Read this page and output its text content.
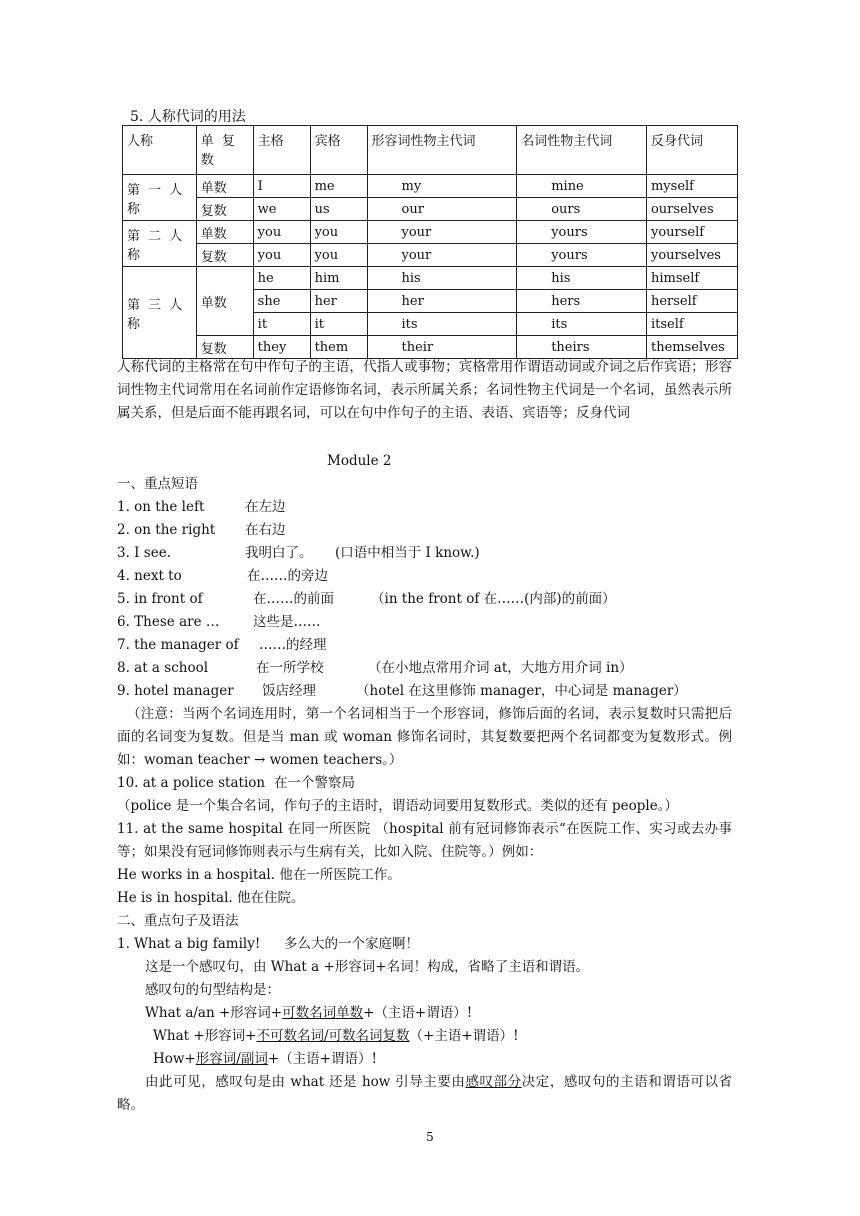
5. 人称代词的用法
人称	单 复 数	主格	宾格	形容词性物主代词	名词性物主代词	反身代词
第 一 人称	单数	I	me	my	mine	myself
	复数	we	us	our	ours	ourselves
第 二 人称	单数	you	you	your	yours	yourself
	复数	you	you	your	yours	yourselves
第 三 人称	单数	he	him	his	his	himself
		she	her	her	hers	herself
		it	it	its	its	itself
	复数	they	them	their	theirs	themselves
人称代词的主格常在句中作句子的主语，代指人或事物；宾格常用作谓语动词或介词之后作宾语；形容词性物主代词常用在名词前作定语修饰名词，表示所属关系；名词性物主代词是一个名词，虽然表示所属关系，但是后面不能再跟名词，可以在句中作句子的主语、表语、宾语等；反身代词
Module 2
一、重点短语
1. on the left	在左边
2. on the right 在右边
3. I see.	我明白了。 (口语中相当于 I know.)
4. next to	在……的旁边
5. in front of	在……的前面	（in the front of 在……(内部)的前面）
6. These are … 这些是……
7. the manager of ……的经理
8. at a school	在一所学校	（在小地点常用介词 at，大地方用介词 in）
9. hotel manager 饭店经理	（hotel 在这里修饰 manager，中心词是 manager）
（注意：当两个名词连用时，第一个名词相当于一个形容词，修饰后面的名词，表示复数时只需把后面的名词变为复数。但是当 man 或 woman 修饰名词时，其复数要把两个名词都变为复数形式。例如：woman teacher → women teachers。）
10. at a police station 在一个警察局
（police 是一个集合名词，作句子的主语时，谓语动词要用复数形式。类似的还有 people。）
11. at the same hospital 在同一所医院 （hospital 前有冠词修饰表示“在医院工作、实习或去办事等；如果没有冠词修饰则表示与生病有关，比如入院、住院等。）例如：
He works in a hospital. 他在一所医院工作。
He is in hospital. 他在住院。
二、重点句子及语法
1. What a big family! 多么大的一个家庭啊！
这是一个感叹句，由 What a +形容词+名词！构成，省略了主语和谓语。
感叹句的句型结构是：
What a/an +形容词+可数名词单数+（主语+谓语）!
What +形容词+不可数名词/可数名词复数（+主语+谓语）!
How+形容词/副词+（主语+谓语）!
由此可见，感叹句是由 what 还是 how 引导主要由感叹部分决定，感叹句的主语和谓语可以省略。
5
